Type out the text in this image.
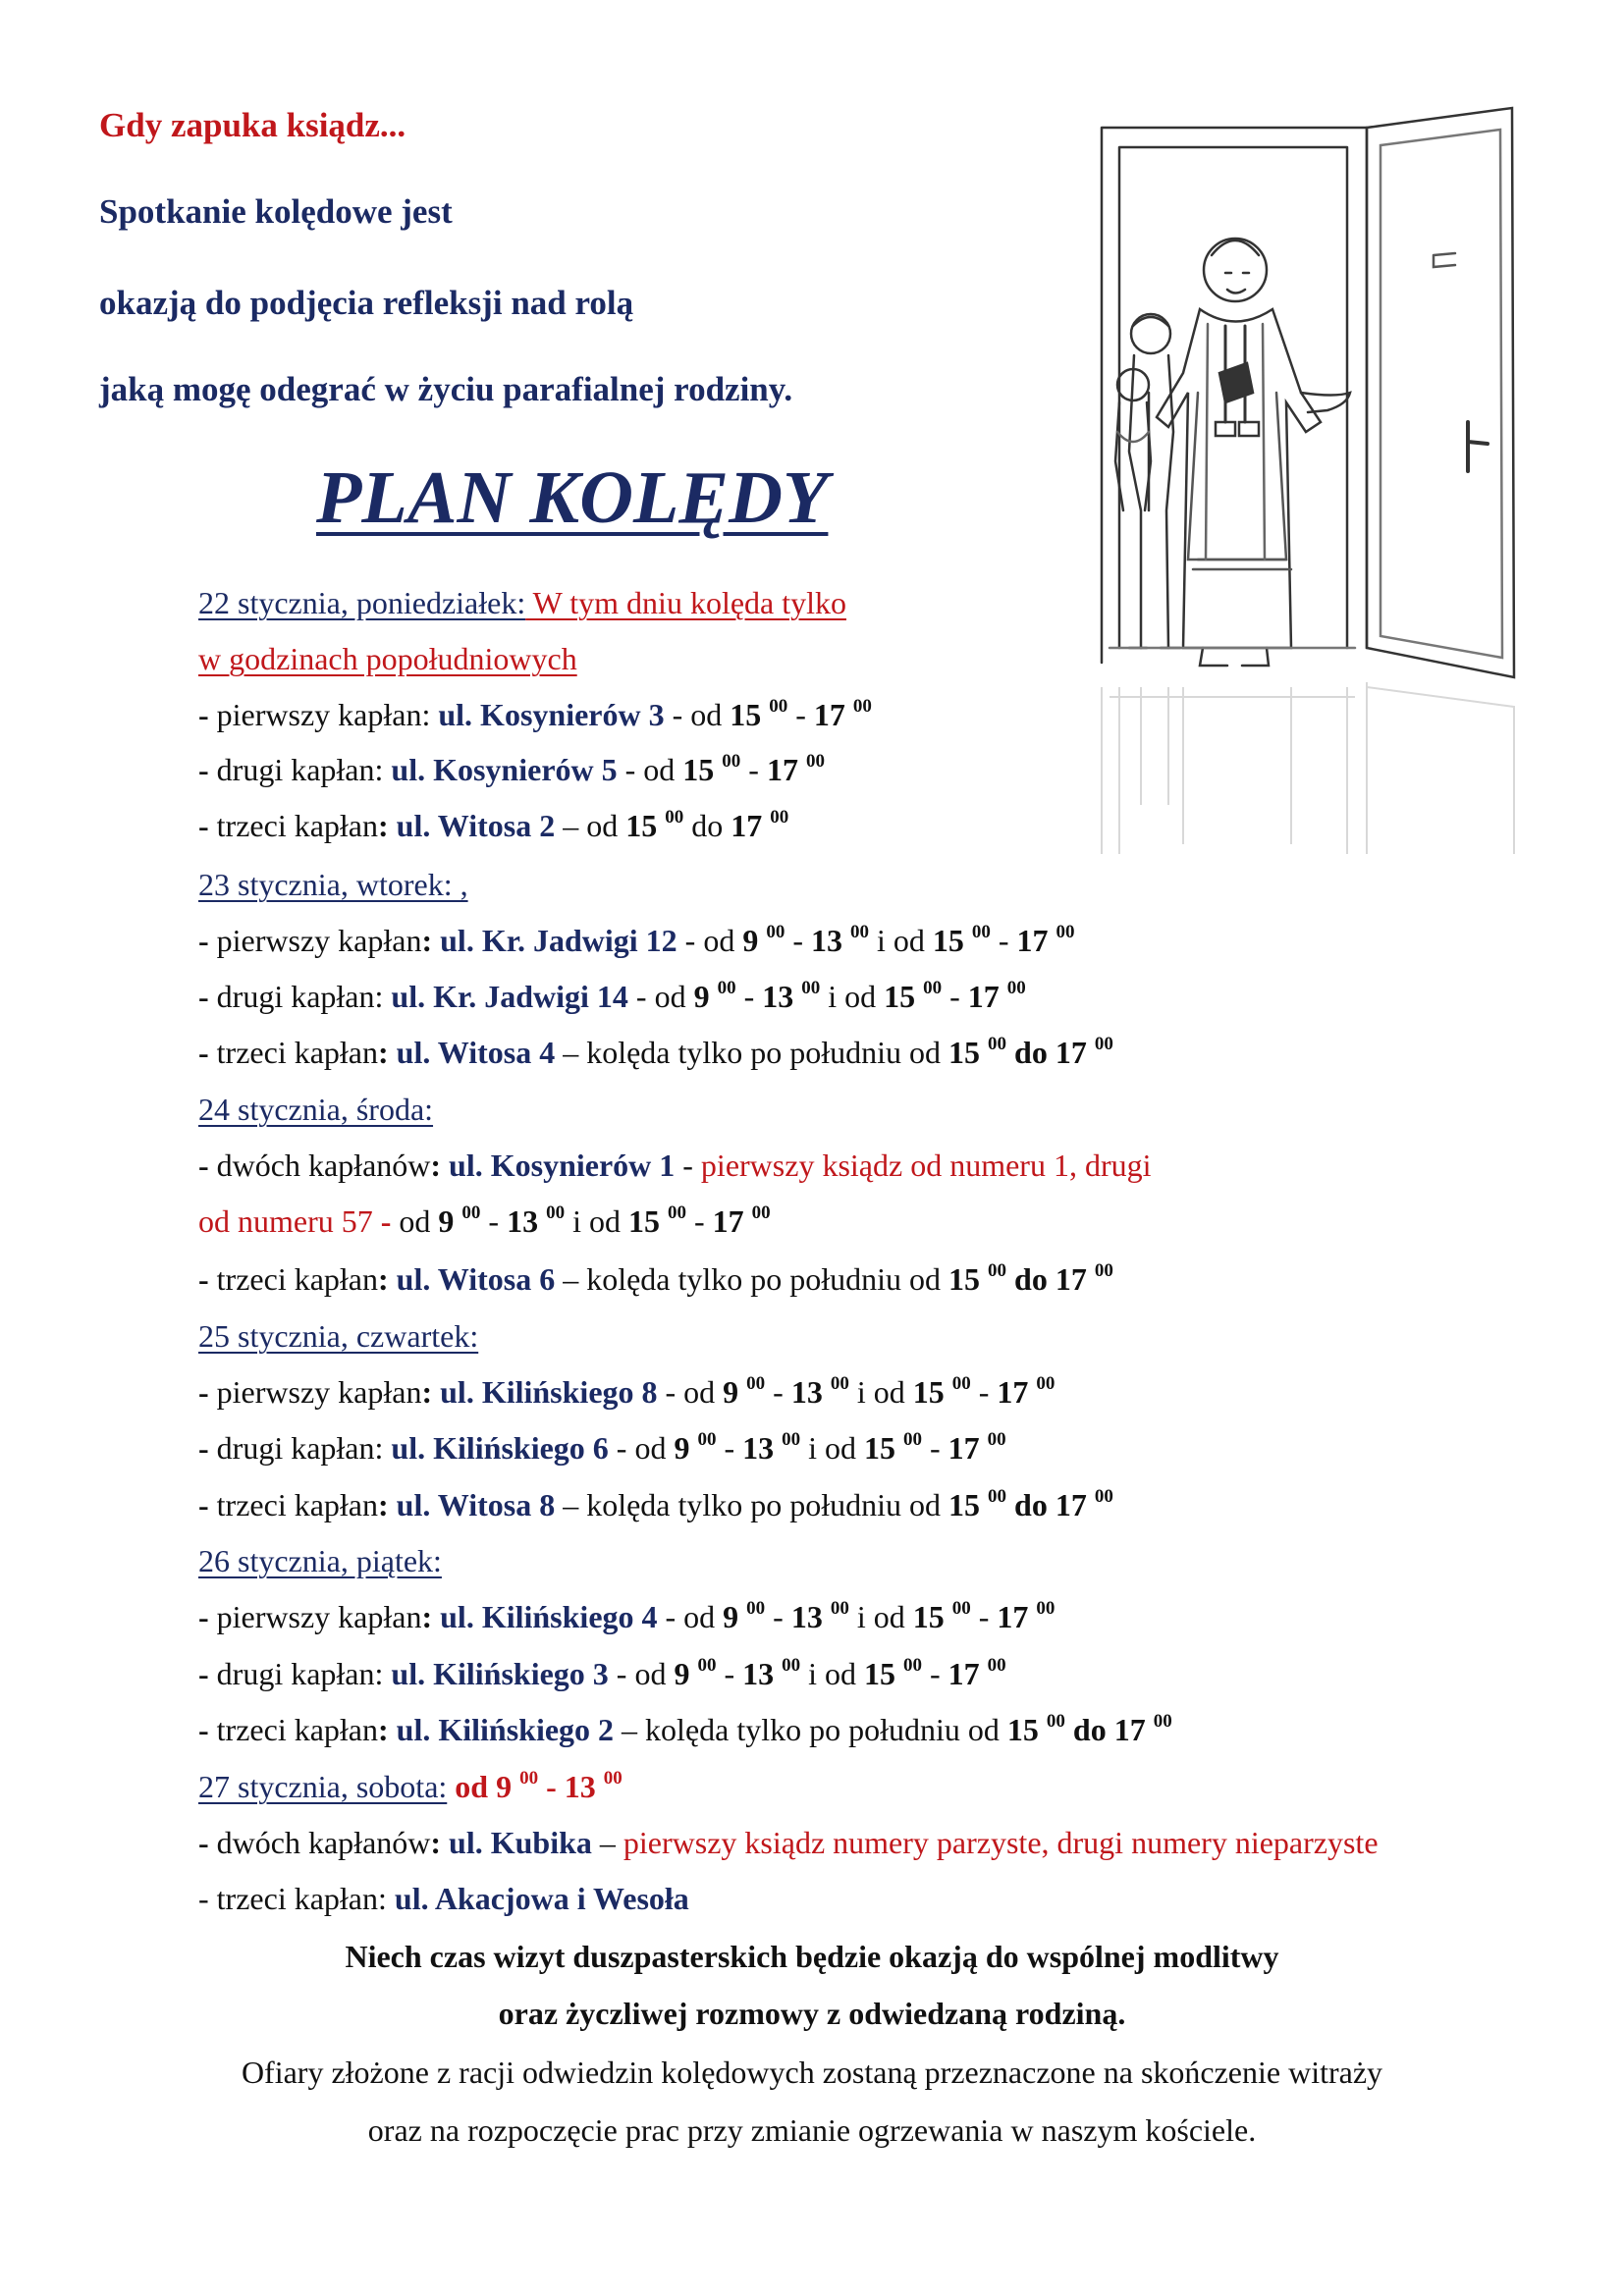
Gdy zapuka ksiądz...
Spotkanie kolędowe jest
okazją do podjęcia refleksji nad rolą
jaką mogę odegrać w życiu parafialnej rodziny.
PLAN KOLĘDY
22 stycznia, poniedziałek: W tym dniu kolęda tylko
w godzinach popołudniowych
- pierwszy kapłan: ul. Kosynierów 3 - od 15 $^{00}$ - 17 $^{00}$
- drugi kapłan: ul. Kosynierów 5 - od 15 $^{00}$ - 17 $^{00}$
- trzeci kapłan: ul. Witosa 2 – od 15 $^{00}$ do 17 $^{00}$
23 stycznia, wtorek: ,
- pierwszy kapłan: ul. Kr. Jadwigi 12 - od 9 $^{00}$ - 13 $^{00}$ i od 15 $^{00}$ - 17 $^{00}$
- drugi kapłan: ul. Kr. Jadwigi 14 - od 9 $^{00}$ - 13 $^{00}$ i od 15 $^{00}$ - 17 $^{00}$
- trzeci kapłan: ul. Witosa 4 – kolęda tylko po południu od 15 $^{00}$ do 17 $^{00}$
24 stycznia, środa:
- dwóch kapłanów: ul. Kosynierów 1 - pierwszy ksiądz od numeru 1, drugi
od numeru 57 - od 9 $^{00}$ - 13 $^{00}$ i od 15 $^{00}$ - 17 $^{00}$
- trzeci kapłan: ul. Witosa 6 – kolęda tylko po południu od 15 $^{00}$ do 17 $^{00}$
25 stycznia, czwartek:
- pierwszy kapłan: ul. Kilińskiego 8 - od 9 $^{00}$ - 13 $^{00}$ i od 15 $^{00}$ - 17 $^{00}$
- drugi kapłan: ul. Kilińskiego 6 - od 9 $^{00}$ - 13 $^{00}$ i od 15 $^{00}$ - 17 $^{00}$
- trzeci kapłan: ul. Witosa 8 – kolęda tylko po południu od 15 $^{00}$ do 17 $^{00}$
26 stycznia, piątek:
- pierwszy kapłan: ul. Kilińskiego 4 - od 9 $^{00}$ - 13 $^{00}$ i od 15 $^{00}$ - 17 $^{00}$
- drugi kapłan: ul. Kilińskiego 3 - od 9 $^{00}$ - 13 $^{00}$ i od 15 $^{00}$ - 17 $^{00}$
- trzeci kapłan: ul. Kilińskiego 2 – kolęda tylko po południu od 15 $^{00}$ do 17 $^{00}$
27 stycznia, sobota: od 9 $^{00}$ - 13 $^{00}$
- dwóch kapłanów: ul. Kubika – pierwszy ksiądz numery parzyste, drugi numery nieparzyste
- trzeci kapłan: ul. Akacjowa i Wesoła
Niech czas wizyt duszpasterskich będzie okazją do wspólnej modlitwy
oraz życzliwej rozmowy z odwiedzaną rodziną.
Ofiary złożone z racji odwiedzin kolędowych zostaną przeznaczone na skończenie witraży
oraz na rozpoczęcie prac przy zmianie ogrzewania w naszym kościele.
